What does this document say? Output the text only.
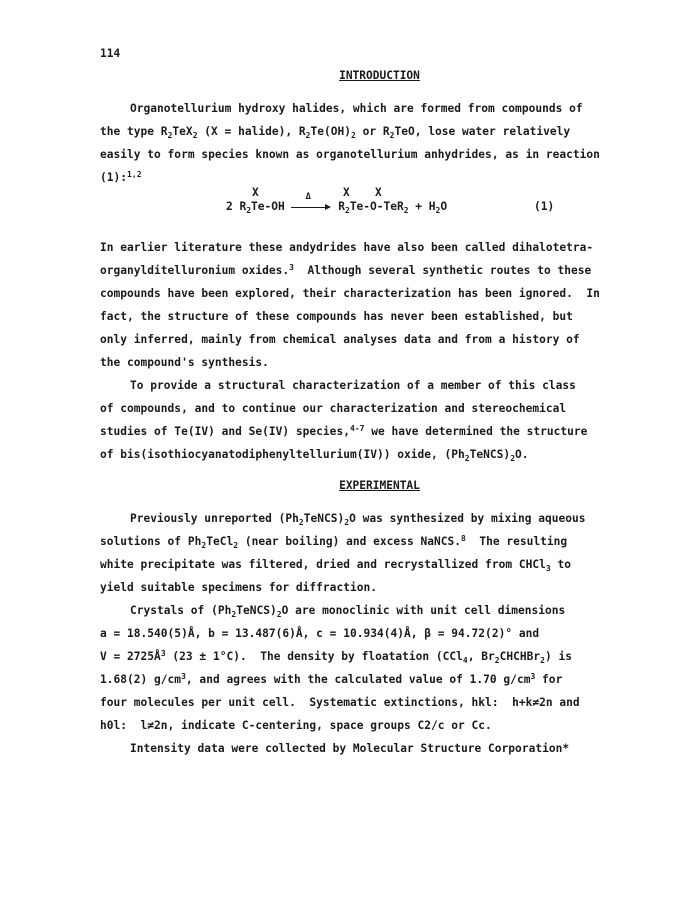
114
INTRODUCTION
Organotellurium hydroxy halides, which are formed from compounds of
the type $R_2TeX_2$ (X = halide), $R_2Te(OH)_2$ or $R_2TeO$, lose water relatively
easily to form species known as organotellurium anhydrides, as in reaction
(1):$^{1,2}$
X	X X
2 $R_2Te-OH$
Δ
$R_2Te-O-TeR_2 + H_2O$	(1)
In earlier literature these andydrides have also been called dihalotetra-
organylditelluronium oxides.$^3$  Although several synthetic routes to these
compounds have been explored, their characterization has been ignored.  In
fact, the structure of these compounds has never been established, but
only inferred, mainly from chemical analyses data and from a history of
the compound's synthesis.
To provide a structural characterization of a member of this class
of compounds, and to continue our characterization and stereochemical
studies of Te(IV) and Se(IV) species,$^{4-7}$ we have determined the structure
of bis(isothiocyanatodiphenyltellurium(IV)) oxide, $(Ph_2TeNCS)_2O$.
EXPERIMENTAL
Previously unreported $(Ph_2TeNCS)_2O$ was synthesized by mixing aqueous
solutions of $Ph_2TeCl_2$ (near boiling) and excess NaNCS.$^8$  The resulting
white precipitate was filtered, dried and recrystallized from CHCl$_3$ to
yield suitable specimens for diffraction.
Crystals of $(Ph_2TeNCS)_2O$ are monoclinic with unit cell dimensions
a = 18.540(5)Å, b = 13.487(6)Å, c = 10.934(4)Å, β = 94.72(2)° and
$V = 2725Å^3$ (23 ± 1°C).  The density by floatation (CCl$_4$, $Br_2CHCHBr_2$) is
1.68(2) $g/cm^3$, and agrees with the calculated value of 1.70 $g/cm^3$ for
four molecules per unit cell.  Systematic extinctions, hkl:  h+k≠2n and
h0l:  l≠2n, indicate C-centering, space groups C2/c or Cc.
Intensity data were collected by Molecular Structure Corporation*
